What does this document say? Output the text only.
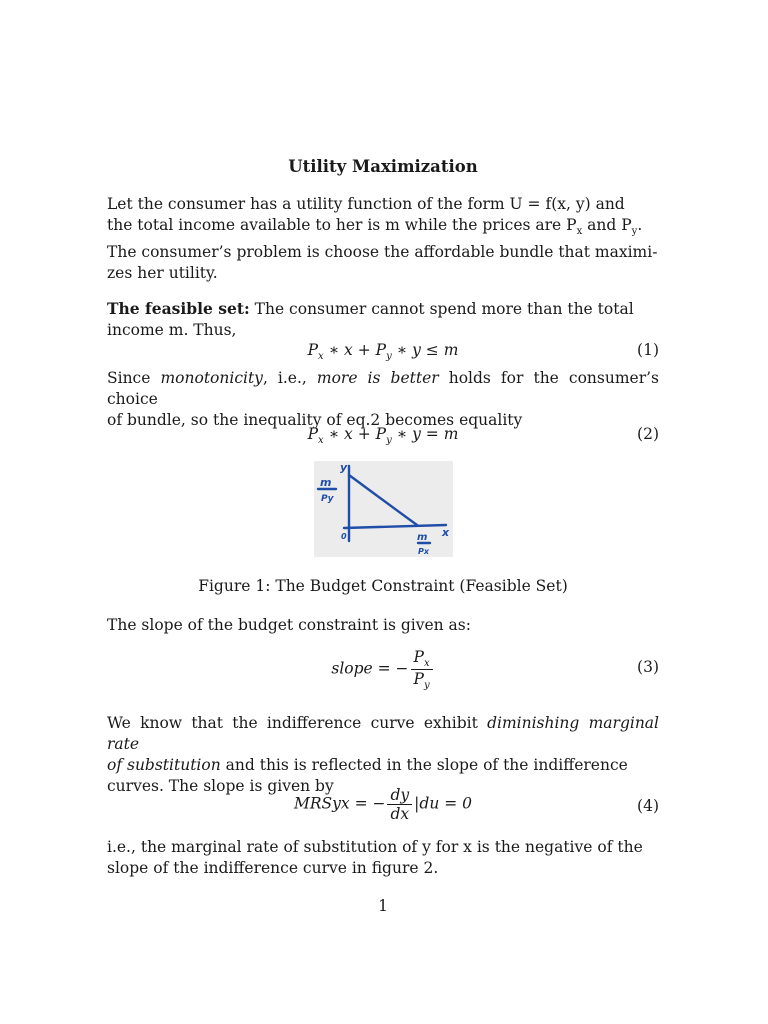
Utility Maximization

Let the consumer has a utility function of the form U = f(x, y) and
the total income available to her is m while the prices are $P_x$ and $P_y$.
The consumer’s problem is choose the affordable bundle that maximi-
zes her utility.

The feasible set: The consumer cannot spend more than the total
income m. Thus,

$P_x$ ∗ $x + P_y$ ∗ y ≤ m	(1)

Since monotonicity, i.e., more is better holds for the consumer’s choice
of bundle, so the inequality of eq.2 becomes equality

$P_x$ ∗ $x + P_y$ ∗ y = m	(2)
y
x
m
Py
m
Px
0
Figure 1: The Budget Constraint (Feasible Set)

The slope of the budget constraint is given as:

slope = − $\frac{P_x}{P_y}$	(3)

We know that the indifference curve exhibit diminishing marginal rate
of substitution and this is reflected in the slope of the indifference
curves. The slope is given by

MRSyx = − $\frac{dy}{dx} |du = 0$	(4)

i.e., the marginal rate of substitution of y for x is the negative of the
slope of the indifference curve in figure 2.

1
